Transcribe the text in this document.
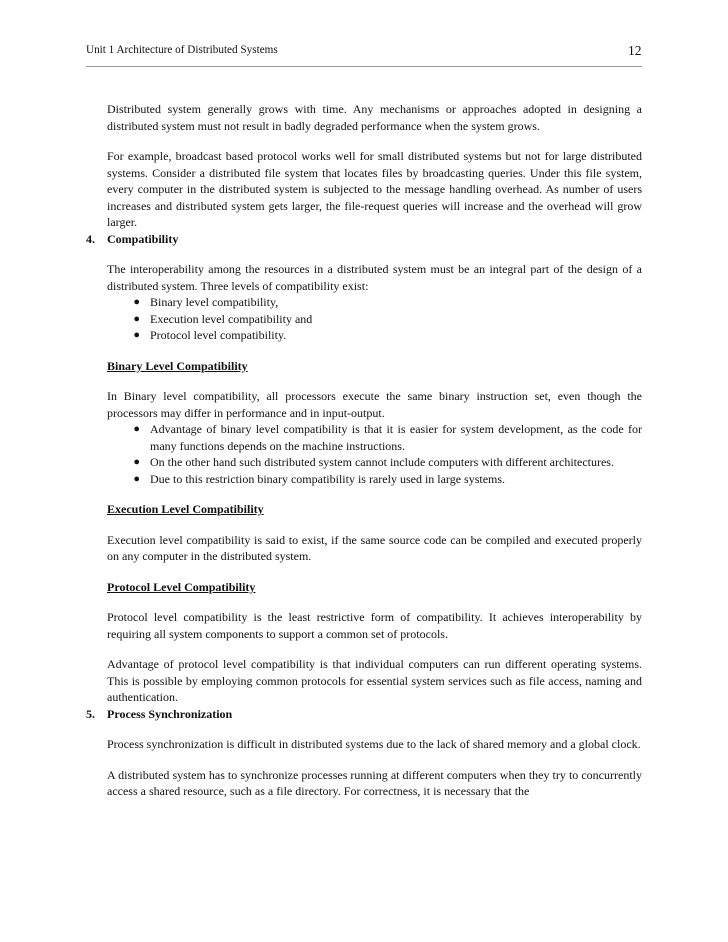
Unit 1 Architecture of Distributed Systems	12

Distributed system generally grows with time. Any mechanisms or approaches adopted in designing a distributed system must not result in badly degraded performance when the system grows.

For example, broadcast based protocol works well for small distributed systems but not for large distributed systems. Consider a distributed file system that locates files by broadcasting queries. Under this file system, every computer in the distributed system is subjected to the message handling overhead. As number of users increases and distributed system gets larger, the file-request queries will increase and the overhead will grow larger.

4.	Compatibility

The interoperability among the resources in a distributed system must be an integral part of the design of a distributed system. Three levels of compatibility exist:

● Binary level compatibility,
● Execution level compatibility and
● Protocol level compatibility.
Binary Level Compatibility

In Binary level compatibility, all processors execute the same binary instruction set, even though the processors may differ in performance and in input-output.

● Advantage of binary level compatibility is that it is easier for system development, as the code for many functions depends on the machine instructions.
● On the other hand such distributed system cannot include computers with different architectures.
● Due to this restriction binary compatibility is rarely used in large systems.
Execution Level Compatibility

Execution level compatibility is said to exist, if the same source code can be compiled and executed properly on any computer in the distributed system.

Protocol Level Compatibility

Protocol level compatibility is the least restrictive form of compatibility. It achieves interoperability by requiring all system components to support a common set of protocols.

Advantage of protocol level compatibility is that individual computers can run different operating systems. This is possible by employing common protocols for essential system services such as file access, naming and authentication.

5.	Process Synchronization

Process synchronization is difficult in distributed systems due to the lack of shared memory and a global clock.

A distributed system has to synchronize processes running at different computers when they try to concurrently access a shared resource, such as a file directory. For correctness, it is necessary that the
